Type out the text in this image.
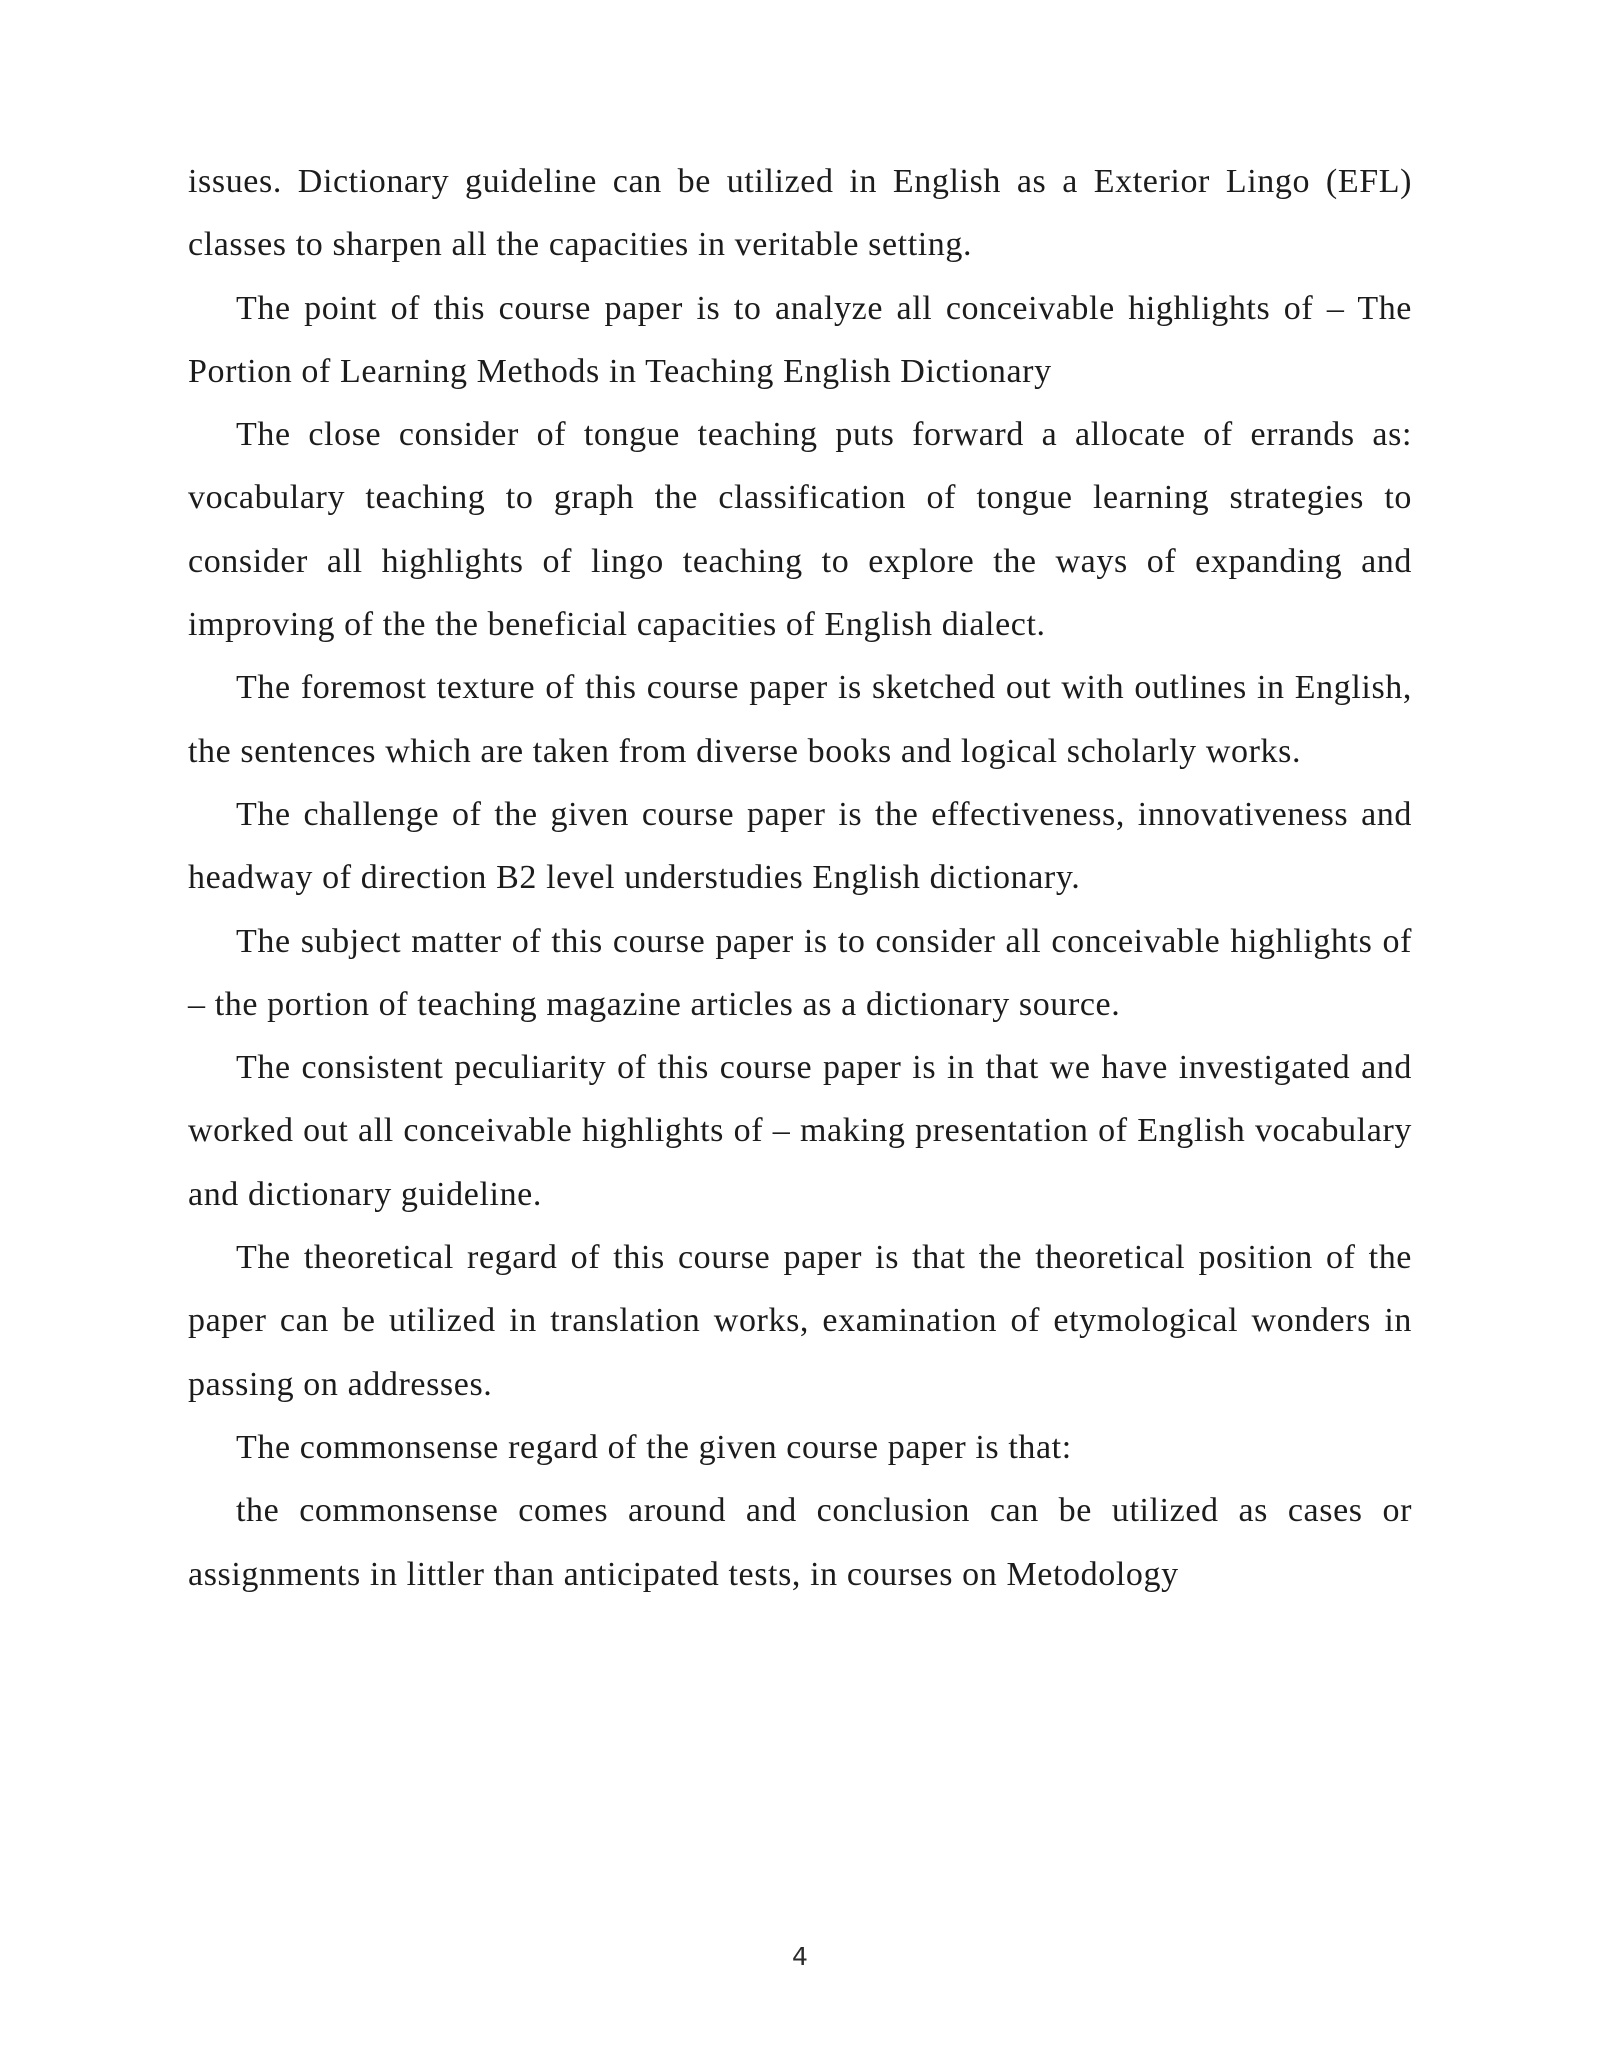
issues. Dictionary guideline can be utilized in English as a Exterior Lingo (EFL) classes to sharpen all the capacities in veritable setting.

The point of this course paper is to analyze all conceivable highlights of – The Portion of Learning Methods in Teaching English Dictionary

The close consider of tongue teaching puts forward a allocate of errands as: vocabulary teaching to graph the classification of tongue learning strategies to consider all highlights of lingo teaching to explore the ways of expanding and improving of the the beneficial capacities of English dialect.

The foremost texture of this course paper is sketched out with outlines in English, the sentences which are taken from diverse books and logical scholarly works.

The challenge of the given course paper is the effectiveness, innovativeness and headway of direction B2 level understudies English dictionary.

The subject matter of this course paper is to consider all conceivable highlights of – the portion of teaching magazine articles as a dictionary source.

The consistent peculiarity of this course paper is in that we have investigated and worked out all conceivable highlights of – making presentation of English vocabulary and dictionary guideline.

The theoretical regard of this course paper is that the theoretical position of the paper can be utilized in translation works, examination of etymological wonders in passing on addresses.

The commonsense regard of the given course paper is that:

the commonsense comes around and conclusion can be utilized as cases or assignments in littler than anticipated tests, in courses on Metodology

4
